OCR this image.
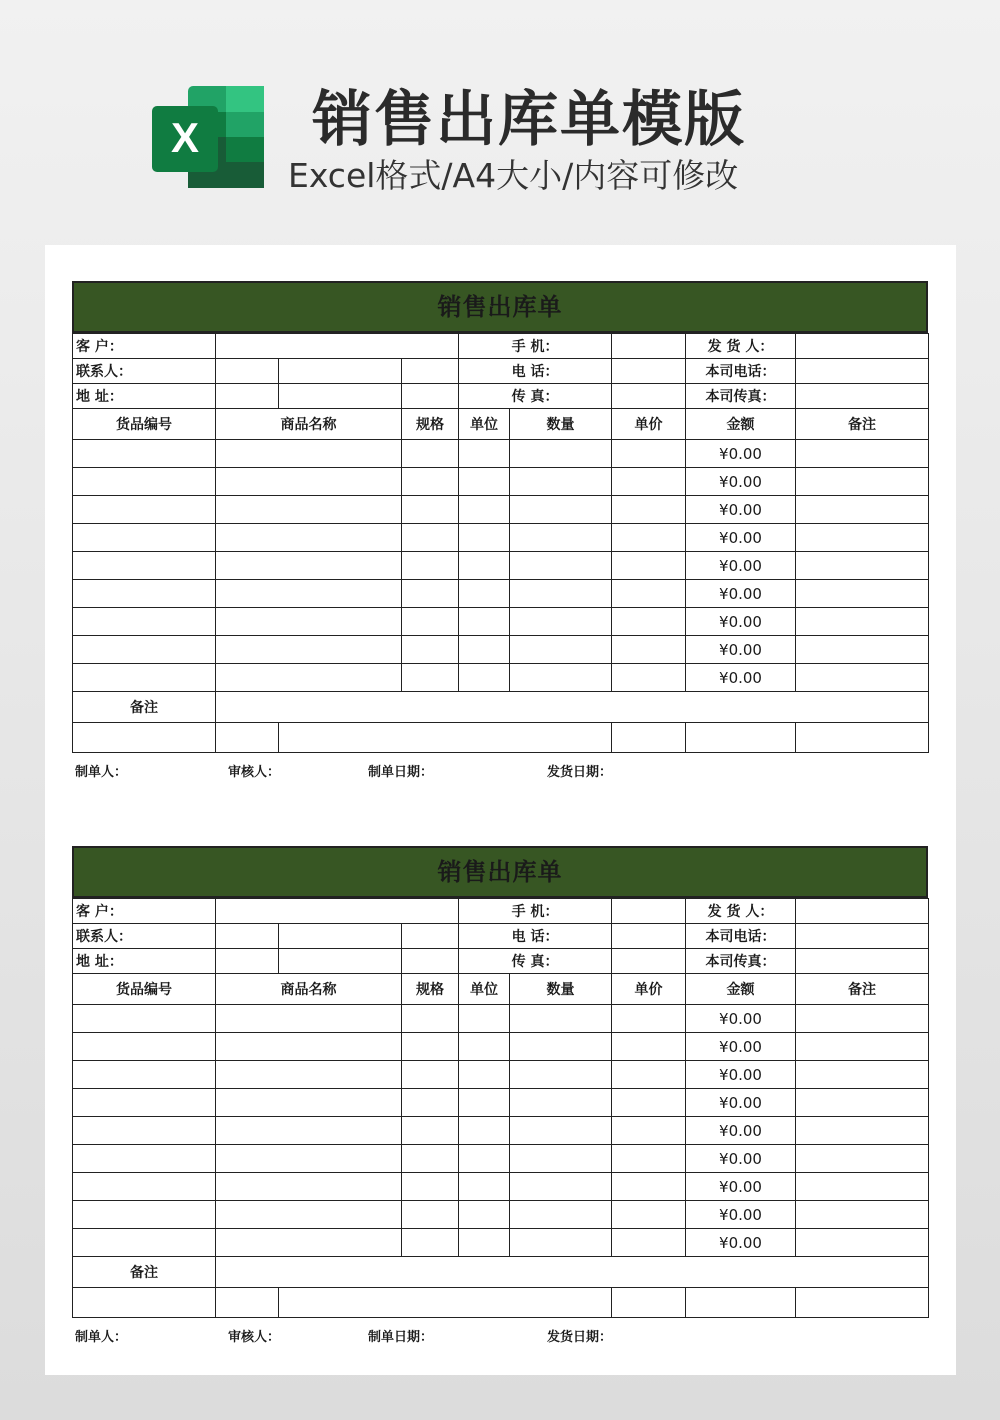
X 销售出库单模版
Excel格式/A4大小/内容可修改
销售出库单
客 户：				手 机：			发 货 人：	
联系人：				电 话：			本司电话：	
地 址：				传 真：			本司传真：	
货品编号	商品名称		规格	单位	数量	单价	金额	备注
							¥0.00	
							¥0.00	
							¥0.00	
							¥0.00	
							¥0.00	
							¥0.00	
							¥0.00	
							¥0.00	
							¥0.00	
备注								

制单人：	审核人：	制单日期：	发货日期：
销售出库单
客 户：				手 机：			发 货 人：	
联系人：				电 话：			本司电话：	
地 址：				传 真：			本司传真：	
货品编号	商品名称		规格	单位	数量	单价	金额	备注
							¥0.00	
							¥0.00	
							¥0.00	
							¥0.00	
							¥0.00	
							¥0.00	
							¥0.00	
							¥0.00	
							¥0.00	
备注								

制单人：	审核人：	制单日期：	发货日期：
